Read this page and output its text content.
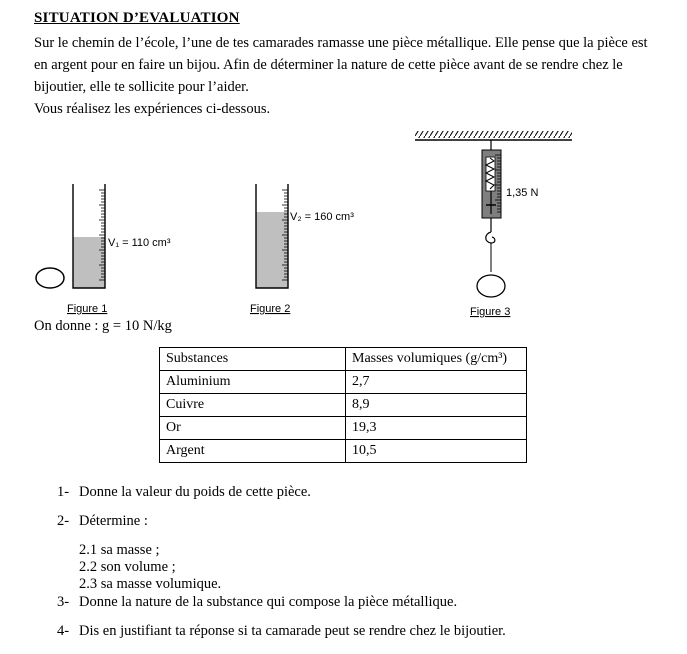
SITUATION D’EVALUATION

Sur le chemin de l’école, l’une de tes camarades ramasse une pièce métallique. Elle pense que la pièce est

en argent pour en faire un bijou. Afin de déterminer la nature de cette pièce avant de se rendre chez le

bijoutier, elle te sollicite pour l’aider.

Vous réalisez les expériences ci-dessous.

V₁ = 110 cm³
Figure 1
V₂ = 160 cm³
Figure 2
1,35 N
Figure 3
On donne : g = 10 N/kg
Substances	Masses volumiques (g/cm³)
Aluminium	2,7
Cuivre	8,9
Or	19,3
Argent	10,5
1- Donne la valeur du poids de cette pièce.
2- Détermine :
2.1 sa masse ;
2.2 son volume ;
2.3 sa masse volumique.
3- Donne la nature de la substance qui compose la pièce métallique.
4- Dis en justifiant ta réponse si ta camarade peut se rendre chez le bijoutier.
